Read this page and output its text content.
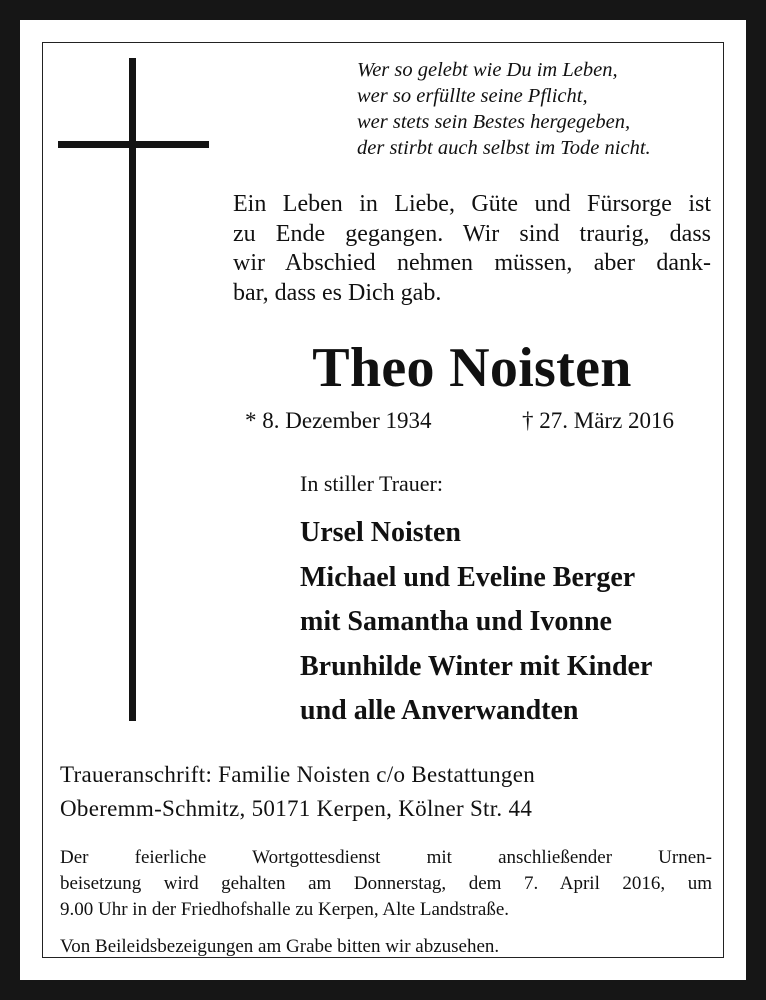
Wer so gelebt wie Du im Leben,
wer so erfüllte seine Pflicht,
wer stets sein Bestes hergegeben,
der stirbt auch selbst im Tode nicht.
Ein Leben in Liebe, Güte und Fürsorge ist
zu Ende gegangen. Wir sind traurig, dass
wir Abschied nehmen müssen, aber dank-
bar, dass es Dich gab.
Theo Noisten
* 8. Dezember 1934	† 27. März 2016
In stiller Trauer:
Ursel Noisten
Michael und Eveline Berger
mit Samantha und Ivonne
Brunhilde Winter mit Kinder
und alle Anverwandten
Traueranschrift: Familie Noisten c/o Bestattungen
Oberemm-Schmitz, 50171 Kerpen, Kölner Str. 44
Der feierliche Wortgottesdienst mit anschließender Urnen-
beisetzung wird gehalten am Donnerstag, dem 7. April 2016, um
9.00 Uhr in der Friedhofshalle zu Kerpen, Alte Landstraße.
Von Beileidsbezeigungen am Grabe bitten wir abzusehen.
